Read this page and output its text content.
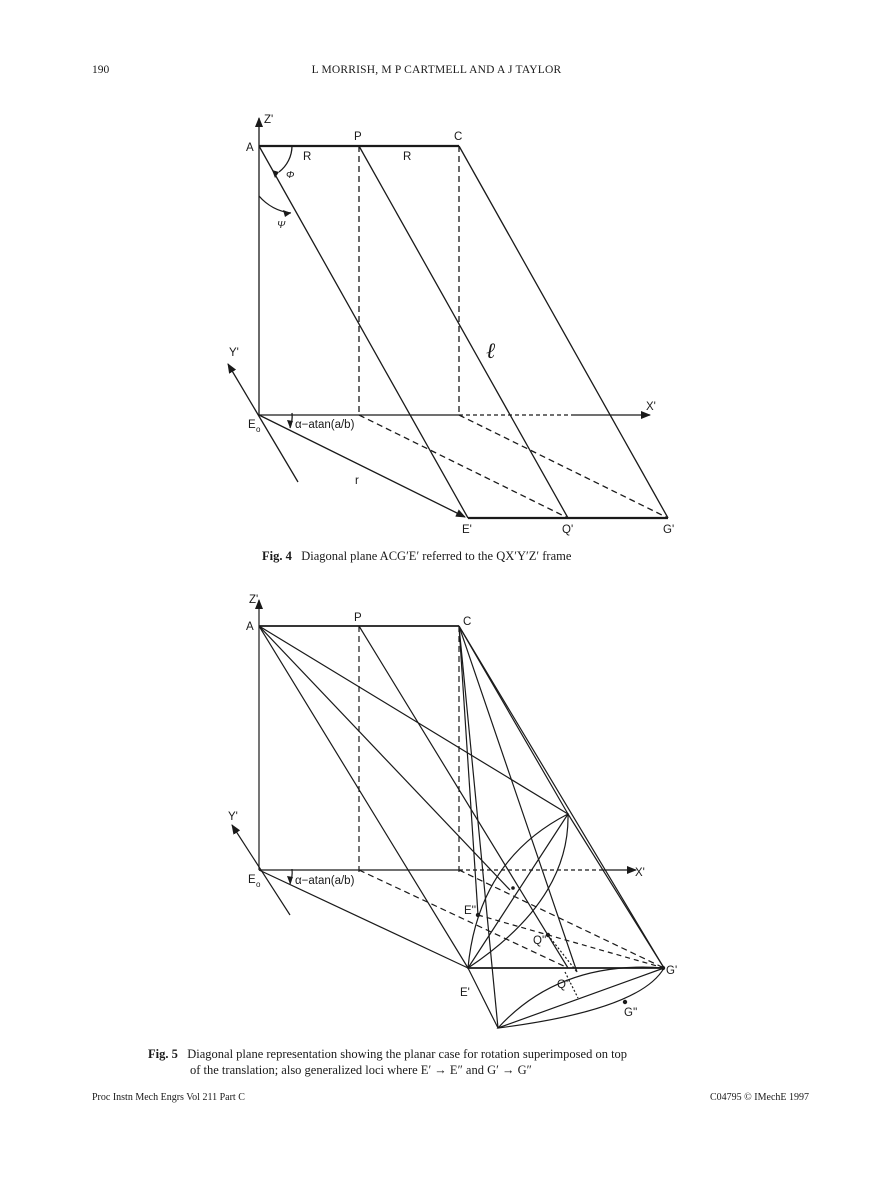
190	L MORRISH, M P CARTMELL AND A J TAYLOR
Z'
A
P	C
R	R
Φ
Ψ
ℓ
X'
Y'
E o	α−atan(a/b)
r
E'	Q'	G'
Fig. 4 Diagonal plane ACG′E′ referred to the QX′Y′Z′ frame
Z'
A
P	C
Y'
X'
E o	α−atan(a/b)
E''
Q''
Q''
E'
G'
G''
Fig. 5 Diagonal plane representation showing the planar case for rotation superimposed on top
of the translation; also generalized loci where E′ → E″ and G′ → G″
Proc Instn Mech Engrs Vol 211 Part C	C04795 © IMechE 1997
